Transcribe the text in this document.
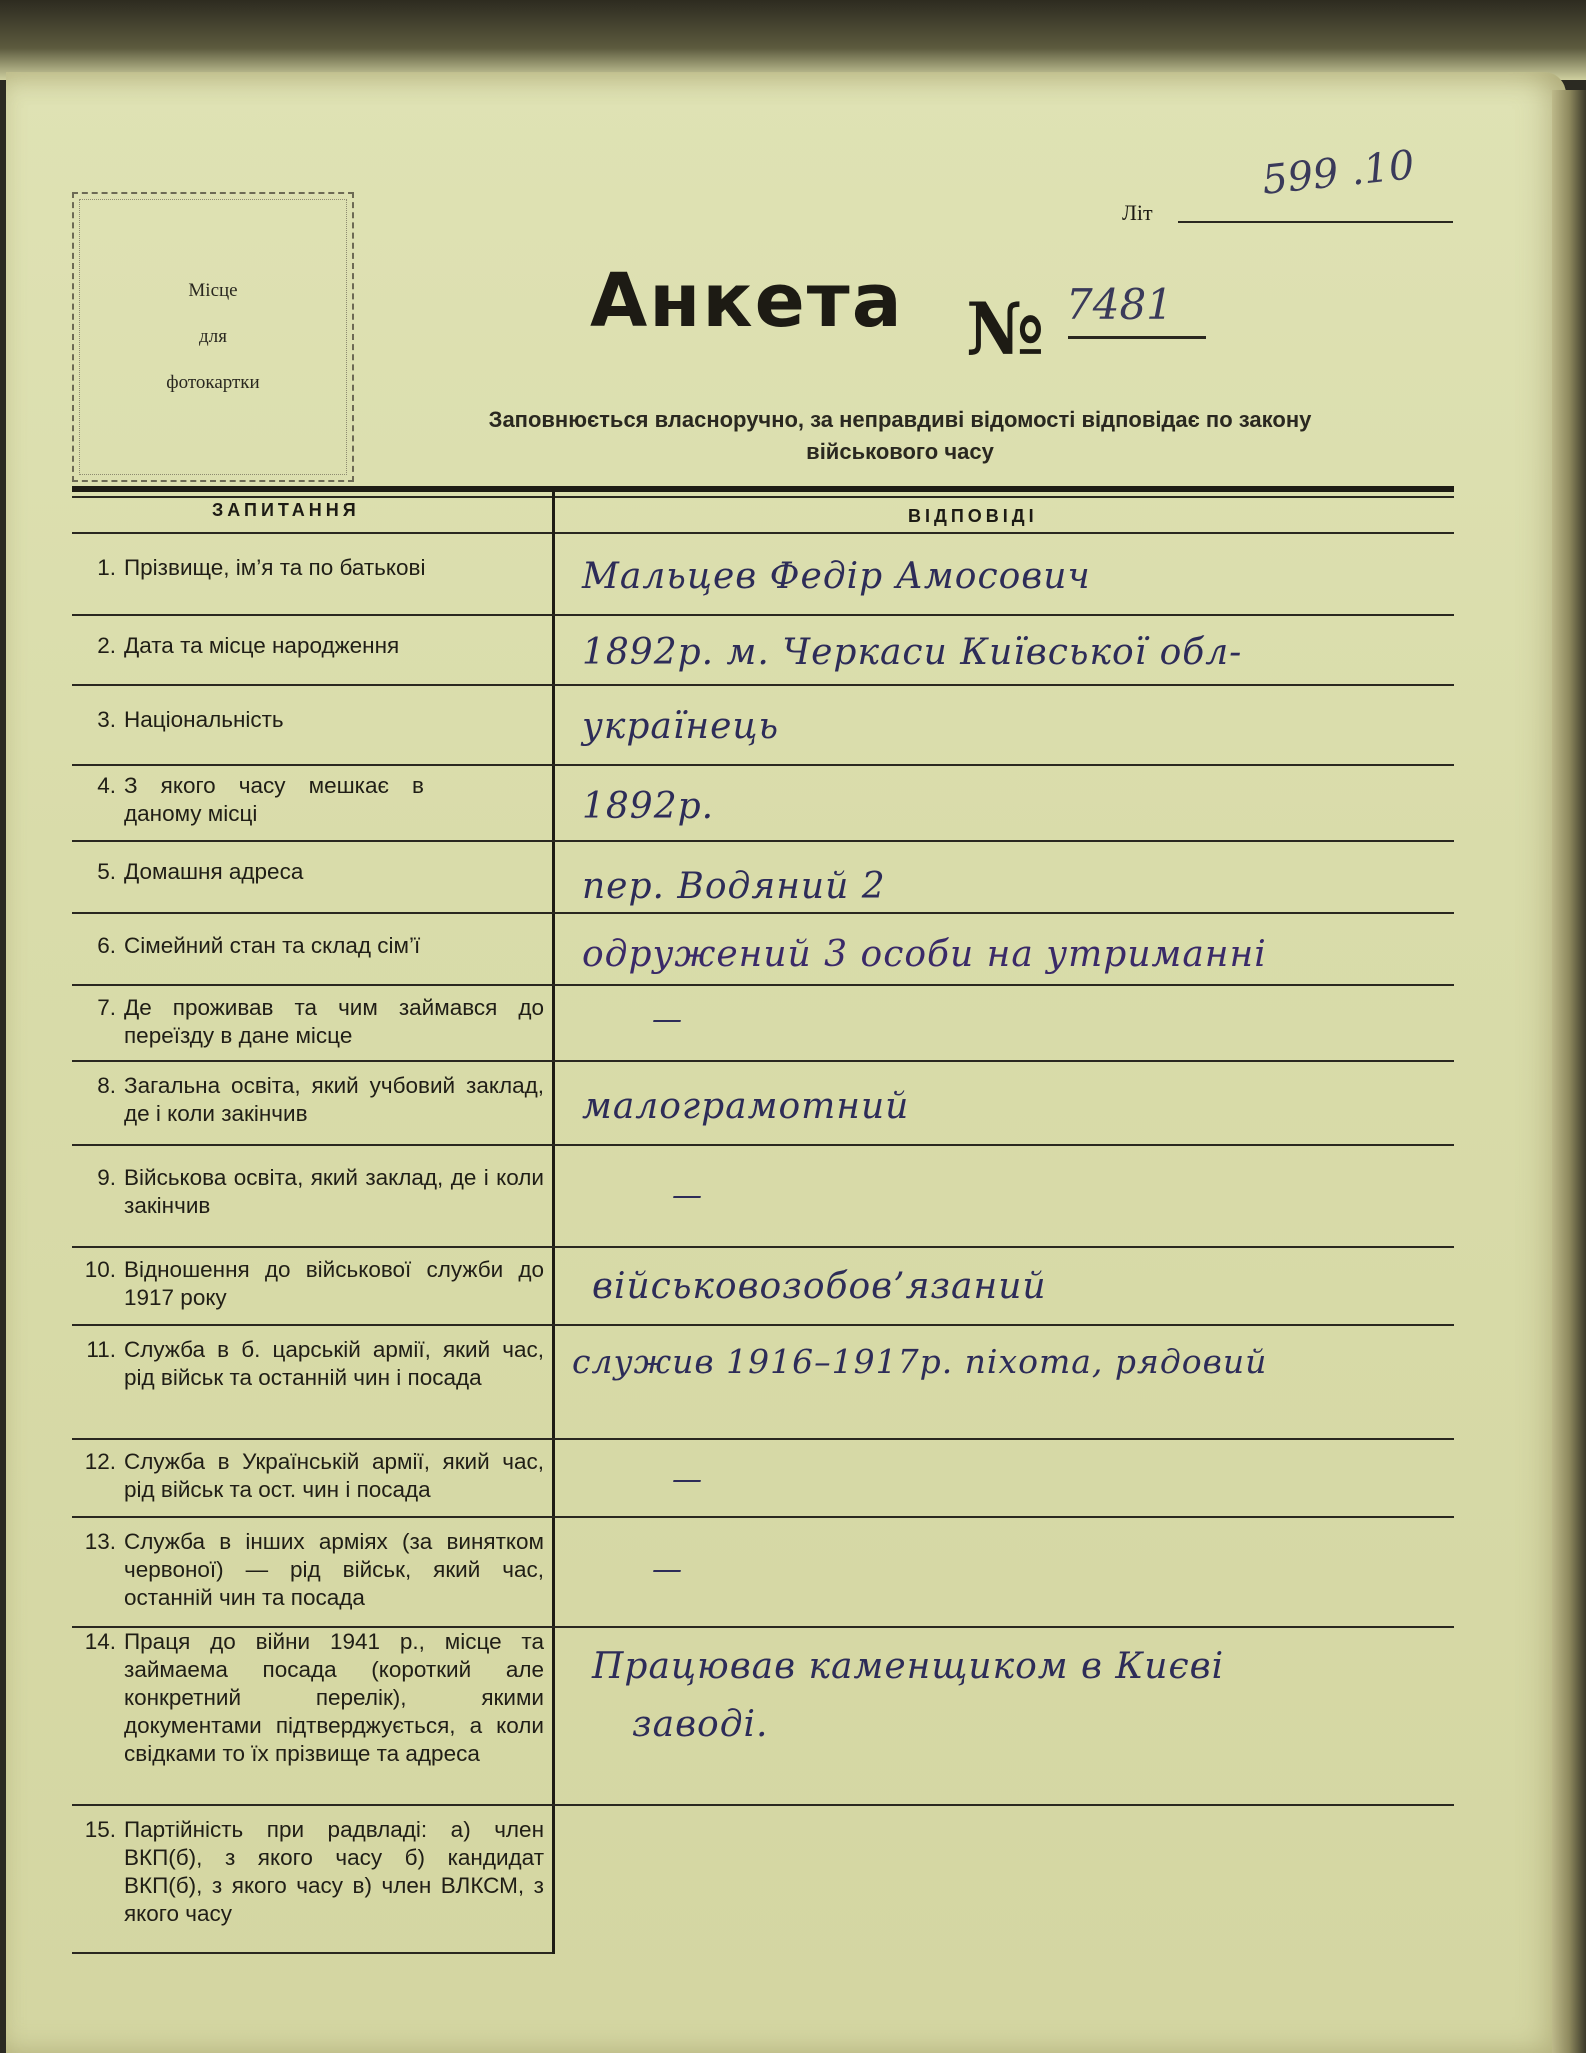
Місце
для
фотокартки
Літ
599 .10
Анкета № 7481
Заповнюється власноручно, за неправдиві відомості відповідає по закону
військового часу
ЗАПИТАННЯ	ВІДПОВІДІ
1. Прізвище, ім’я та по батькові
2. Дата та місце народження
3. Національність
4. З якого часу мешкає в даному місці
5. Домашня адреса
6. Сімейний стан та склад сім’ї
7. Де проживав та чим займався до переїзду в дане місце
8. Загальна освіта, який учбовий заклад, де і коли закінчив
9. Військова освіта, який заклад, де і коли закінчив
10. Відношення до військової служби до 1917 року
11. Служба в б. царській армії, який час, рід військ та останній чин і посада
12. Служба в Українській армії, який час, рід військ та ост. чин і посада
13. Служба в інших арміях (за винятком червоної) — рід військ, який час, останній чин та посада
14. Праця до війни 1941 р., місце та займаема посада (короткий але конкретний перелік), якими документами підтверджується, а коли свідками то їх прізвище та адреса
15. Партійність при радвладі: а) член ВКП(б), з якого часу б) кандидат ВКП(б), з якого часу в) член ВЛКСМ, з якого часу
Мальцев Федір Амосович
1892р. м. Черкаси Київської обл-
українець
1892р.
пер. Водяний 2
одружений 3 особи на утриманні
—
малограмотний
—
військовозобов’язаний
служив 1916–1917р. піхота, рядовий
—
—
Працював каменщиком в Києві
заводі.
